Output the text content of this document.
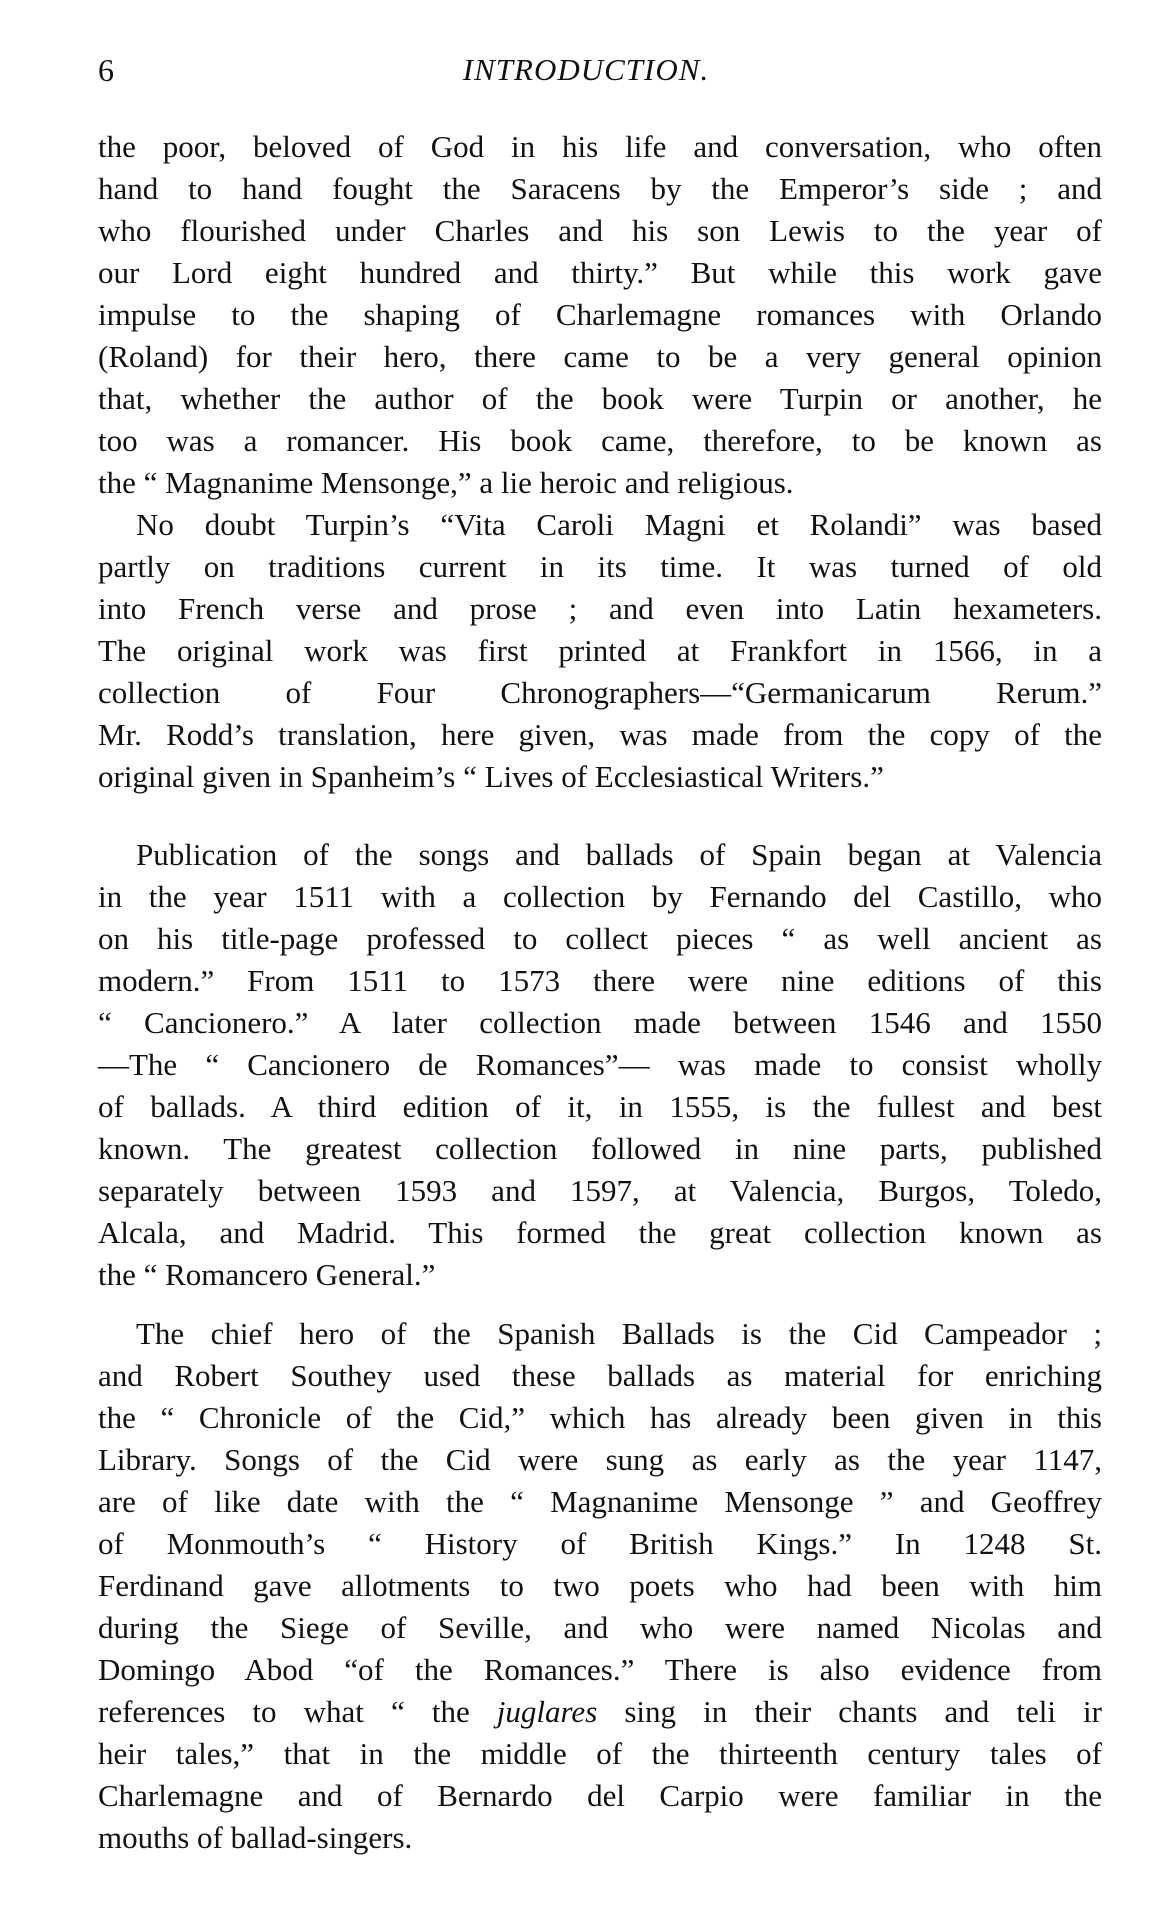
6	INTRODUCTION.
the poor, beloved of God in his life and conversation, who often
hand to hand fought the Saracens by the Emperor’s side ; and
who flourished under Charles and his son Lewis to the year of
our Lord eight hundred and thirty.” But while this work gave
impulse to the shaping of Charlemagne romances with Orlando
(Roland) for their hero, there came to be a very general opinion
that, whether the author of the book were Turpin or another, he
too was a romancer. His book came, therefore, to be known as
the “ Magnanime Mensonge,” a lie heroic and religious.
No doubt Turpin’s “Vita Caroli Magni et Rolandi” was based
partly on traditions current in its time. It was turned of old
into French verse and prose ; and even into Latin hexameters.
The original work was first printed at Frankfort in 1566, in a
collection of Four Chronographers—“Germanicarum Rerum.”
Mr. Rodd’s translation, here given, was made from the copy of the
original given in Spanheim’s “ Lives of Ecclesiastical Writers.”
Publication of the songs and ballads of Spain began at Valencia
in the year 1511 with a collection by Fernando del Castillo, who
on his title-page professed to collect pieces “ as well ancient as
modern.” From 1511 to 1573 there were nine editions of this
“ Cancionero.” A later collection made between 1546 and 1550
—The “ Cancionero de Romances”— was made to consist wholly
of ballads. A third edition of it, in 1555, is the fullest and best
known. The greatest collection followed in nine parts, published
separately between 1593 and 1597, at Valencia, Burgos, Toledo,
Alcala, and Madrid. This formed the great collection known as
the “ Romancero General.”
The chief hero of the Spanish Ballads is the Cid Campeador ;
and Robert Southey used these ballads as material for enriching
the “ Chronicle of the Cid,” which has already been given in this
Library. Songs of the Cid were sung as early as the year 1147,
are of like date with the “ Magnanime Mensonge ” and Geoffrey
of Monmouth’s “ History of British Kings.” In 1248 St.
Ferdinand gave allotments to two poets who had been with him
during the Siege of Seville, and who were named Nicolas and
Domingo Abod “of the Romances.” There is also evidence from
references to what “ the juglares sing in their chants and teli ir
heir tales,” that in the middle of the thirteenth century tales of
Charlemagne and of Bernardo del Carpio were familiar in the
mouths of ballad-singers.
